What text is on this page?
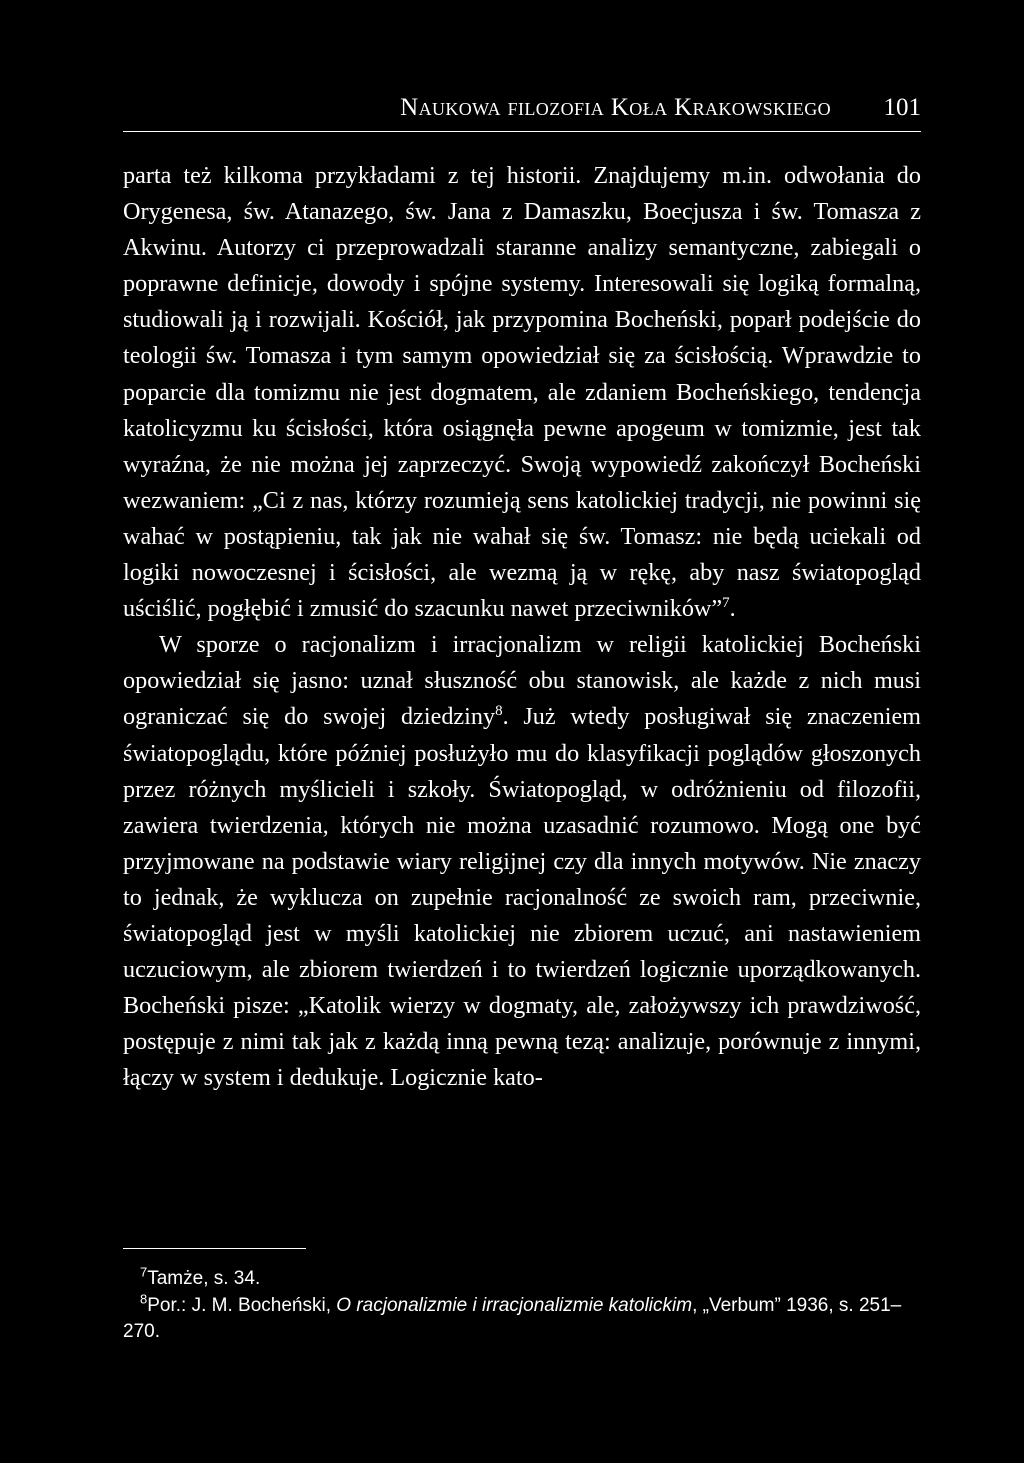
Naukowa filozofia Koła Krakowskiego 101

parta też kilkoma przykładami z tej historii. Znajdujemy m.in. odwołania do Orygenesa, św. Atanazego, św. Jana z Damaszku, Boecjusza i św. Tomasza z Akwinu. Autorzy ci przeprowadzali staranne analizy semantyczne, zabiegali o poprawne definicje, dowody i spójne systemy. Interesowali się logiką formalną, studiowali ją i rozwijali. Kościół, jak przypomina Bocheński, poparł podejście do teologii św. Tomasza i tym samym opowiedział się za ścisłością. Wprawdzie to poparcie dla tomizmu nie jest dogmatem, ale zdaniem Bocheńskiego, tendencja katolicyzmu ku ścisłości, która osiągnęła pewne apogeum w tomizmie, jest tak wyraźna, że nie można jej zaprzeczyć. Swoją wypowiedź zakończył Bocheński wezwaniem: „Ci z nas, którzy rozumieją sens katolickiej tradycji, nie powinni się wahać w postąpieniu, tak jak nie wahał się św. Tomasz: nie będą uciekali od logiki nowoczesnej i ścisłości, ale wezmą ją w rękę, aby nasz światopogląd uściślić, pogłębić i zmusić do szacunku nawet przeciwników”$^7$.

W sporze o racjonalizm i irracjonalizm w religii katolickiej Bocheński opowiedział się jasno: uznał słuszność obu stanowisk, ale każde z nich musi ograniczać się do swojej dziedziny$^8$. Już wtedy posługiwał się znaczeniem światopoglądu, które później posłużyło mu do klasyfikacji poglądów głoszonych przez różnych myślicieli i szkoły. Światopogląd, w odróżnieniu od filozofii, zawiera twierdzenia, których nie można uzasadnić rozumowo. Mogą one być przyjmowane na podstawie wiary religijnej czy dla innych motywów. Nie znaczy to jednak, że wyklucza on zupełnie racjonalność ze swoich ram, przeciwnie, światopogląd jest w myśli katolickiej nie zbiorem uczuć, ani nastawieniem uczuciowym, ale zbiorem twierdzeń i to twierdzeń logicznie uporządkowanych. Bocheński pisze: „Katolik wierzy w dogmaty, ale, założywszy ich prawdziwość, postępuje z nimi tak jak z każdą inną pewną tezą: analizuje, porównuje z innymi, łączy w system i dedukuje. Logicznie kato-

$^7$Tamże, s. 34.

$^8$Por.: J. M. Bocheński, O racjonalizmie i irracjonalizmie katolickim, „Verbum” 1936, s. 251–270.
